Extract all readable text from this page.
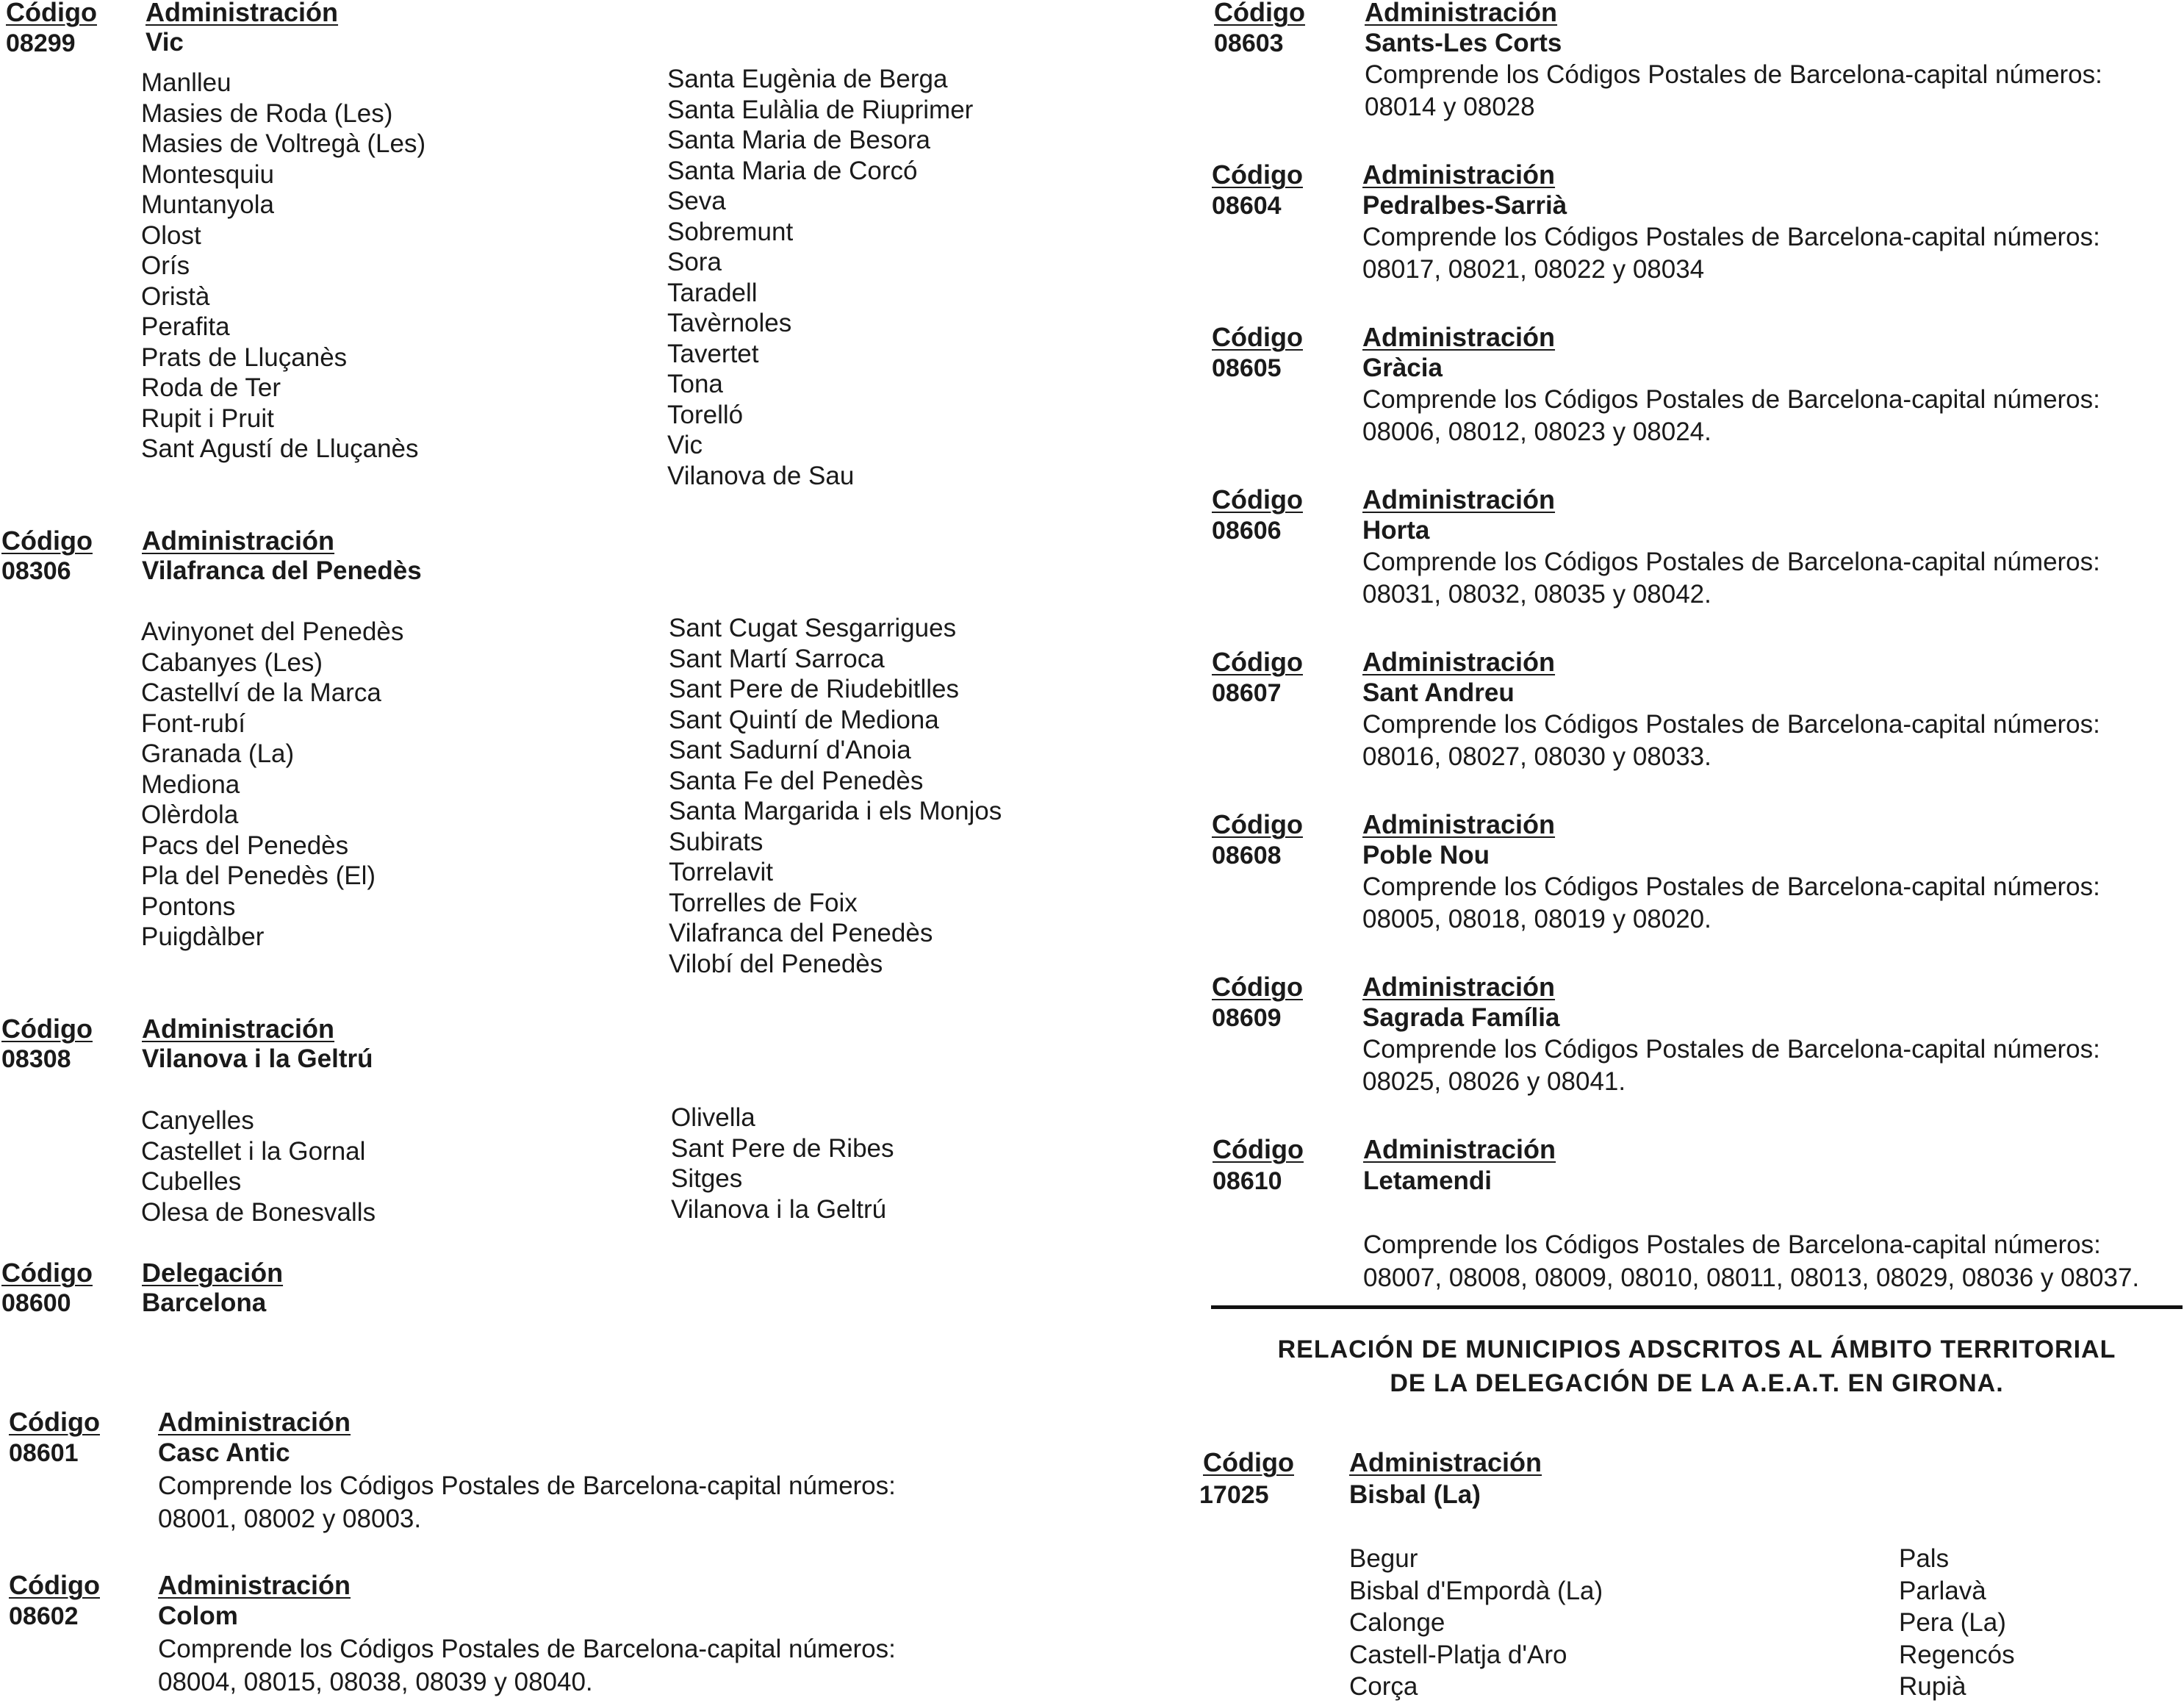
Código Administración
08299	Vic
Manlleu
Masies de Roda (Les)
Masies de Voltregà (Les)
Montesquiu
Muntanyola
Olost
Orís
Oristà
Perafita
Prats de Lluçanès
Roda de Ter
Rupit i Pruit
Sant Agustí de Lluçanès
Santa Eugènia de Berga
Santa Eulàlia de Riuprimer
Santa Maria de Besora
Santa Maria de Corcó
Seva
Sobremunt
Sora
Taradell
Tavèrnoles
Tavertet
Tona
Torelló
Vic
Vilanova de Sau
Código Administración
08306	Vilafranca del Penedès
Avinyonet del Penedès
Cabanyes (Les)
Castellví de la Marca
Font-rubí
Granada (La)
Mediona
Olèrdola
Pacs del Penedès
Pla del Penedès (El)
Pontons
Puigdàlber
Sant Cugat Sesgarrigues
Sant Martí Sarroca
Sant Pere de Riudebitlles
Sant Quintí de Mediona
Sant Sadurní d'Anoia
Santa Fe del Penedès
Santa Margarida i els Monjos
Subirats
Torrelavit
Torrelles de Foix
Vilafranca del Penedès
Vilobí del Penedès
Código Administración
08308	Vilanova i la Geltrú
Canyelles
Castellet i la Gornal
Cubelles
Olesa de Bonesvalls
Olivella
Sant Pere de Ribes
Sitges
Vilanova i la Geltrú
Código Delegación
08600	Barcelona
Código Administración
08601	Casc Antic
Comprende los Códigos Postales de Barcelona-capital números:
08001, 08002 y 08003.
Código Administración
08602	Colom
Comprende los Códigos Postales de Barcelona-capital números:
08004, 08015, 08038, 08039 y 08040.
Código Administración
08603	Sants-Les Corts
Comprende los Códigos Postales de Barcelona-capital números:
08014 y 08028
Código Administración
08604	Pedralbes-Sarrià
Comprende los Códigos Postales de Barcelona-capital números:
08017, 08021, 08022 y 08034
Código Administración
08605	Gràcia
Comprende los Códigos Postales de Barcelona-capital números:
08006, 08012, 08023 y 08024.
Código Administración
08606	Horta
Comprende los Códigos Postales de Barcelona-capital números:
08031, 08032, 08035 y 08042.
Código Administración
08607	Sant Andreu
Comprende los Códigos Postales de Barcelona-capital números:
08016, 08027, 08030 y 08033.
Código Administración
08608	Poble Nou
Comprende los Códigos Postales de Barcelona-capital números:
08005, 08018, 08019 y 08020.
Código Administración
08609	Sagrada Família
Comprende los Códigos Postales de Barcelona-capital números:
08025, 08026 y 08041.
Código Administración
08610	Letamendi
Comprende los Códigos Postales de Barcelona-capital números:
08007, 08008, 08009, 08010, 08011, 08013, 08029, 08036 y 08037.
RELACIÓN DE MUNICIPIOS ADSCRITOS AL ÁMBITO TERRITORIAL
DE LA DELEGACIÓN DE LA A.E.A.T. EN GIRONA.
Código Administración
17025	Bisbal (La)
Begur
Bisbal d'Empordà (La)
Calonge
Castell-Platja d'Aro
Corça
Pals
Parlavà
Pera (La)
Regencós
Rupià
